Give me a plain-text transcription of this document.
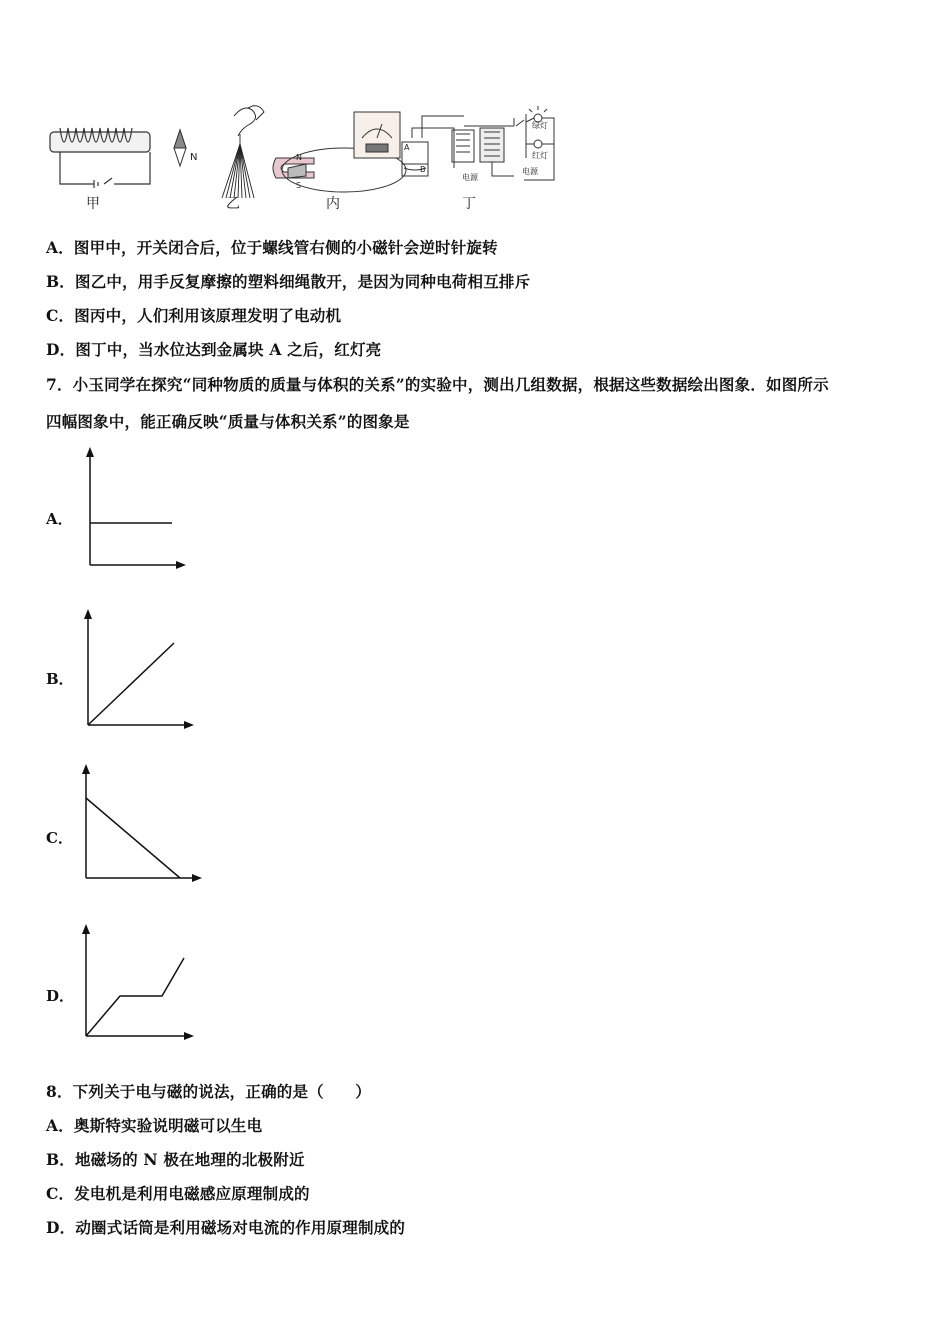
N	N
S
A
B
电源
电源
绿灯
红灯
甲	乙	内	丁
A．图甲中，开关闭合后，位于螺线管右侧的小磁针会逆时针旋转
B．图乙中，用手反复摩擦的塑料细绳散开，是因为同种电荷相互排斥
C．图丙中，人们利用该原理发明了电动机
D．图丁中，当水位达到金属块 A 之后，红灯亮
7．小玉同学在探究“同种物质的质量与体积的关系”的实验中，测出几组数据，根据这些数据绘出图象．如图所示
四幅图象中，能正确反映“质量与体积关系”的图象是
A．
B．
C．
D．
8．下列关于电与磁的说法，正确的是（　　）
A．奥斯特实验说明磁可以生电
B．地磁场的 N 极在地理的北极附近
C．发电机是利用电磁感应原理制成的
D．动圈式话筒是利用磁场对电流的作用原理制成的
